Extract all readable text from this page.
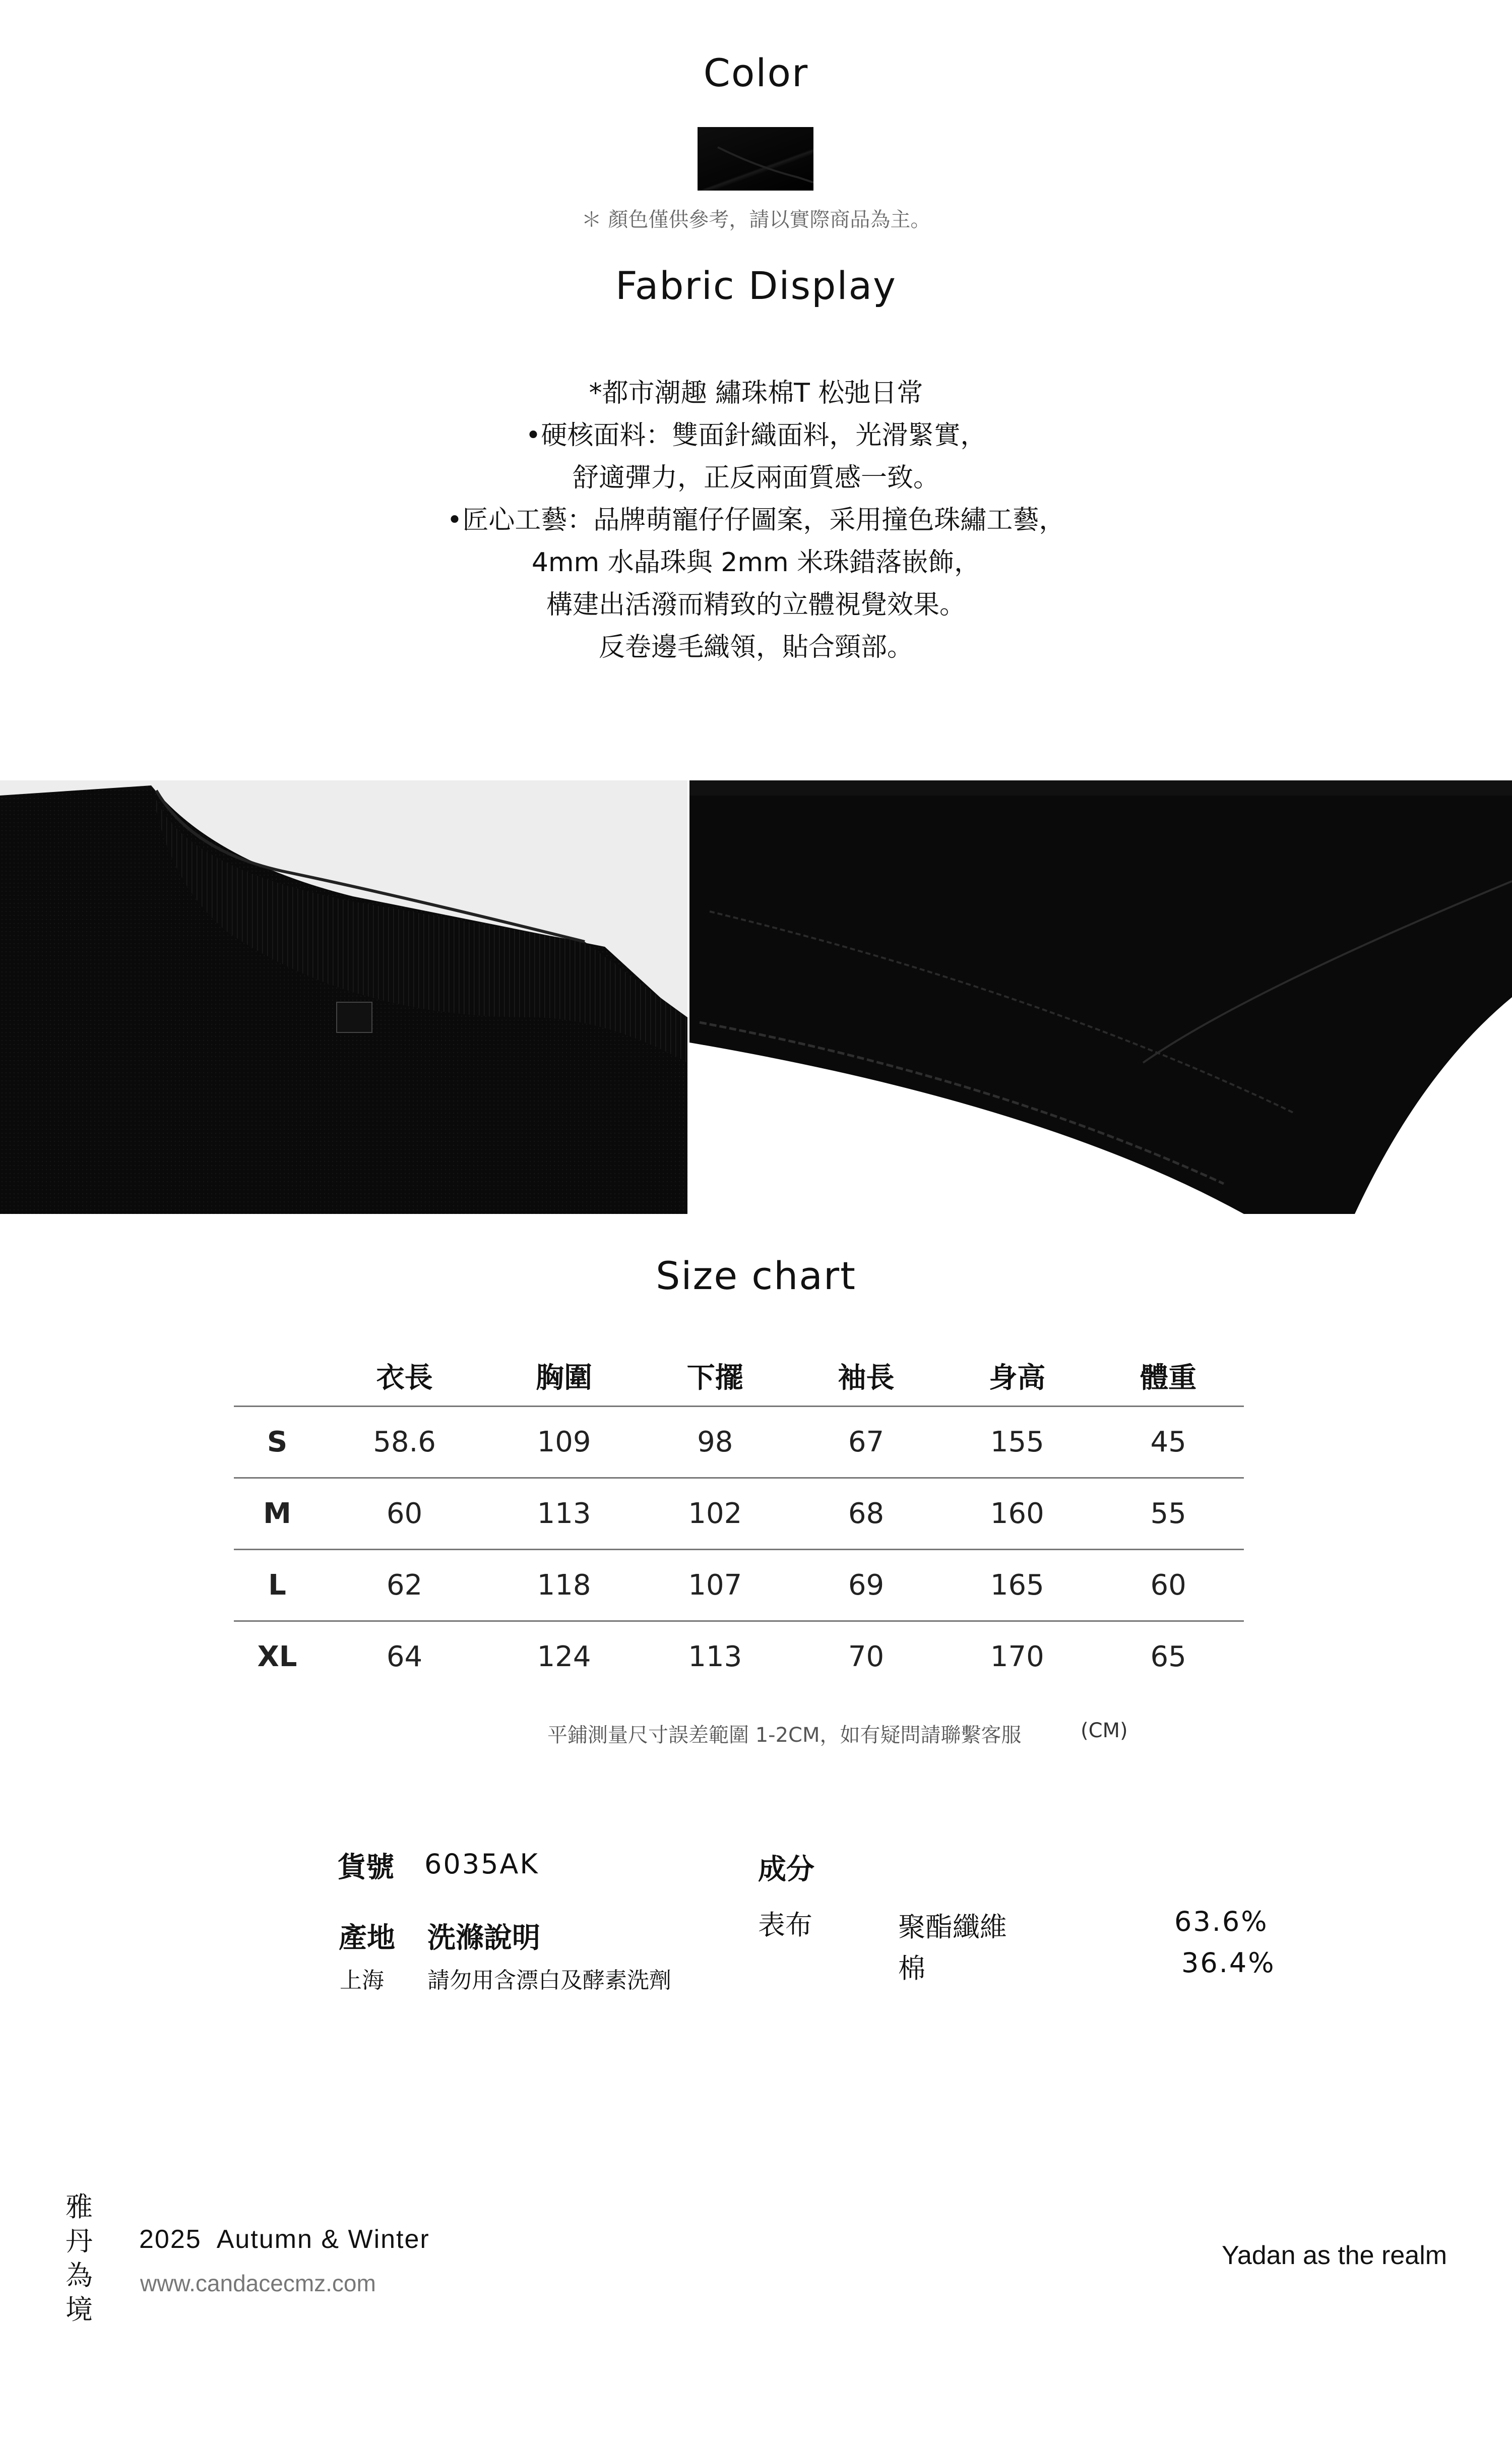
Color
＊ 顏色僅供參考，請以實際商品為主。
Fabric Display
*都市潮趣 繡珠棉T 松弛日常
•硬核面料：雙面針織面料，光滑緊實，
舒適彈力，正反兩面質感一致。
•匠心工藝：品牌萌寵仔仔圖案，采用撞色珠繡工藝，
4mm 水晶珠與 2mm 米珠錯落嵌飾，
構建出活潑而精致的立體視覺效果。
反卷邊毛織領，貼合頸部。
Size chart
	衣長	胸圍	下擺	袖長	身高	體重
S	58.6	109	98	67	155	45
M	60	113	102	68	160	55
L	62	118	107	69	165	60
XL	64	124	113	70	170	65
平鋪測量尺寸誤差範圍 1-2CM，如有疑問請聯繫客服	(CM)
貨號 6035AK
產地 洗滌說明
上海 請勿用含漂白及酵素洗劑
成分
表布	聚酯纖維	63.6%
棉	36.4%
雅
丹
為
境
2025  Autumn & Winter
www.candacecmz.com
Yadan as the realm
